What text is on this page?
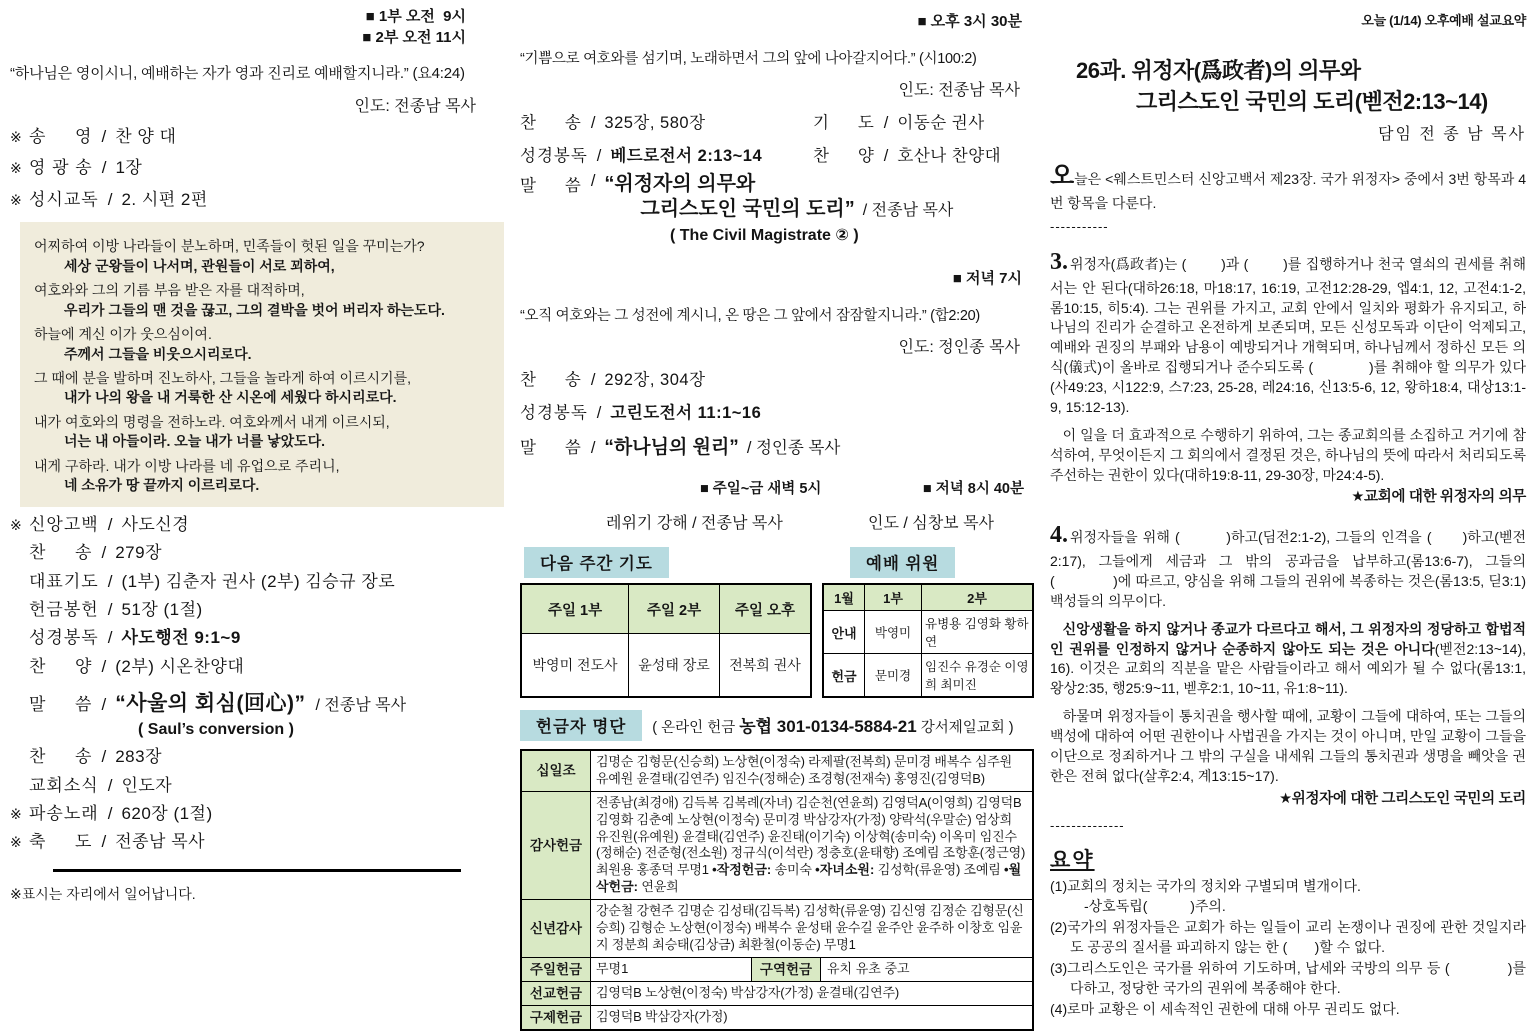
■ 1부 오전  9시
■ 2부 오전 11시
“하나님은 영이시니, 예배하는 자가 영과 진리로 예배할지니라.” (요4:24)
인도: 전종남 목사
※ 송     영 / 찬 양 대
※ 영 광 송 / 1장
※ 성시교독 / 2. 시편 2편
어찌하여 이방 나라들이 분노하며, 민족들이 헛된 일을 꾸미는가?
세상 군왕들이 나서며, 관원들이 서로 꾀하여,
여호와와 그의 기름 부음 받은 자를 대적하며,
우리가 그들의 맨 것을 끊고, 그의 결박을 벗어 버리자 하는도다.
하늘에 계신 이가 웃으심이여.
주께서 그들을 비웃으시리로다.
그 때에 분을 발하며 진노하사, 그들을 놀라게 하여 이르시기를,
내가 나의 왕을 내 거룩한 산 시온에 세웠다 하시리로다.
내가 여호와의 명령을 전하노라. 여호와께서 내게 이르시되,
너는 내 아들이라. 오늘 내가 너를 낳았도다.
내게 구하라. 내가 이방 나라를 네 유업으로 주리니,
네 소유가 땅 끝까지 이르리로다.
※ 신앙고백 / 사도신경
찬     송 / 279장
대표기도 / (1부) 김춘자 권사 (2부) 김승규 장로
헌금봉헌 / 51장 (1절)
성경봉독 / 사도행전 9:1~9
찬     양 / (2부) 시온찬양대
말     씀 / “사울의 회심(回心)” / 전종남 목사
( Saul’s conversion )
찬     송 / 283장
교회소식 / 인도자
※ 파송노래 / 620장 (1절)
※ 축     도 / 전종남 목사
※표시는 자리에서 일어납니다.
■ 오후 3시 30분
“기쁨으로 여호와를 섬기며, 노래하면서 그의 앞에 나아갈지어다.” (시100:2)
인도: 전종남 목사
찬     송 / 325장, 580장	기     도 / 이동순 권사
성경봉독 / 베드로전서 2:13~14	찬     양 / 호산나 찬양대
말     씀 / “위정자의 의무와
그리스도인 국민의 도리” / 전종남 목사
( The Civil Magistrate ② )
■ 저녁 7시
“오직 여호와는 그 성전에 계시니, 온 땅은 그 앞에서 잠잠할지니라.” (합2:20)
인도: 정인종 목사
찬     송 / 292장, 304장
성경봉독 / 고린도전서 11:1~16
말     씀 / “하나님의 원리” / 정인종 목사
■ 주일~금 새벽 5시	■ 저녁 8시 40분
레위기 강해 / 전종남 목사	인도 / 심창보 목사
다음 주간 기도	예배 위원
주일 1부	주일 2부	주일 오후
박영미 전도사	윤성태 장로	전복희 권사
1월	1부	2부
안내	박영미	유병용 김영화 황하연
헌금	문미경	임진수 유경순 이영희 최미진
헌금자 명단	( 온라인 헌금 농협 301-0134-5884-21 강서제일교회 )
십일조
김명순 김형문(신승희) 노상현(이정숙) 라제팔(전복희) 문미경 배복수 심주원 유예원 윤결태(김연주) 임진수(정해순) 조경형(전재숙) 홍영진(김영덕B)
감사헌금
전종남(최경애) 김득복 김복례(자녀) 김순천(연윤희) 김영덕A(이영희) 김영덕B 김영화 김춘예 노상현(이정숙) 문미경 박삼강자(가정) 양락석(우말순) 엄상희 유진원(유예원) 윤결태(김연주) 윤진태(이기숙) 이상혁(송미숙) 이옥미 임진수(정해순) 전준형(전소원) 정규식(이석란) 정충호(윤태향) 조예림 조항훈(정근영) 최원용 홍종덕 무명1 •작정헌금: 송미숙 •자녀소원: 김성학(류윤영) 조예림 •월삭헌금: 연윤희
신년감사
강순철 강현주 김명순 김성태(김득복) 김성학(류윤영) 김신영 김정순 김형문(신승희) 김형순 노상현(이정숙) 배복수 윤성태 윤수길 윤주안 윤주하 이창호 임윤지 정분희 최승태(김상금) 최환철(이동순) 무명1
주일헌금	무명1	구역헌금	유치 유초 중고
선교헌금	김영덕B 노상현(이정숙) 박삼강자(가정) 윤결태(김연주)
구제헌금	김영덕B 박삼강자(가정)
오늘 (1/14) 오후예배 설교요약
26과. 위정자(爲政者)의 의무와
그리스도인 국민의 도리(벧전2:13~14)
담임 전 종 남 목사
오늘은 <웨스트민스터 신앙고백서 제23장. 국가 위정자> 중에서 3번 항목과 4번 항목을 다룬다.
-----------
3. 위정자(爲政者)는 (        )과 (        )를 집행하거나 천국 열쇠의 권세를 취해서는 안 된다(대하26:18, 마18:17, 16:19, 고전12:28-29, 엡4:1, 12, 고전4:1-2, 롬10:15, 히5:4). 그는 권위를 가지고, 교회 안에서 일치와 평화가 유지되고, 하나님의 진리가 순결하고 온전하게 보존되며, 모든 신성모독과 이단이 억제되고, 예배와 권징의 부패와 남용이 예방되거나 개혁되며, 하나님께서 정하신 모든 의식(儀式)이 올바로 집행되거나 준수되도록 (             )를 취해야 할 의무가 있다(사49:23, 시122:9, 스7:23, 25-28, 레24:16, 신13:5-6, 12, 왕하18:4, 대상13:1-9, 15:12-13).
이 일을 더 효과적으로 수행하기 위하여, 그는 종교회의를 소집하고 거기에 참석하여, 무엇이든지 그 회의에서 결정된 것은, 하나님의 뜻에 따라서 처리되도록 주선하는 권한이 있다(대하19:8-11, 29-30장, 마24:4-5).
★교회에 대한 위정자의 의무
4. 위정자들을 위해 (         )하고(딤전2:1-2), 그들의 인격을 (      )하고(벧전2:17), 그들에게 세금과 그 밖의 공과금을 납부하고(롬13:6-7), 그들의 (              )에 따르고, 양심을 위해 그들의 권위에 복종하는 것은(롬13:5, 딛3:1) 백성들의 의무이다.
신앙생활을 하지 않거나 종교가 다르다고 해서, 그 위정자의 정당하고 합법적인 권위를 인정하지 않거나 순종하지 않아도 되는 것은 아니다(벧전2:13~14), 16). 이것은 교회의 직분을 맡은 사람들이라고 해서 예외가 될 수 없다(롬13:1, 왕상2:35, 행25:9~11, 벧후2:1, 10~11, 유1:8~11).
하물며 위정자들이 통치권을 행사할 때에, 교황이 그들에 대하여, 또는 그들의 백성에 대하여 어떤 권한이나 사법권을 가지는 것이 아니며, 만일 교황이 그들을 이단으로 정죄하거나 그 밖의 구실을 내세워 그들의 통치권과 생명을 빼앗을 권한은 전혀 없다(살후2:4, 계13:15~17).
★위정자에 대한 그리스도인 국민의 도리
--------------
요약
(1)교회의 정치는 국가의 정치와 구별되며 별개이다.
-상호독립(           )주의.
(2)국가의 위정자들은 교회가 하는 일들이 교리 논쟁이나 권징에 관한 것일지라도 공공의 질서를 파괴하지 않는 한 (       )할 수 없다.
(3)그리스도인은 국가를 위하여 기도하며, 납세와 국방의 의무 등 (             )를 다하고, 정당한 국가의 권위에 복종해야 한다.
(4)로마 교황은 이 세속적인 권한에 대해 아무 권리도 없다.
